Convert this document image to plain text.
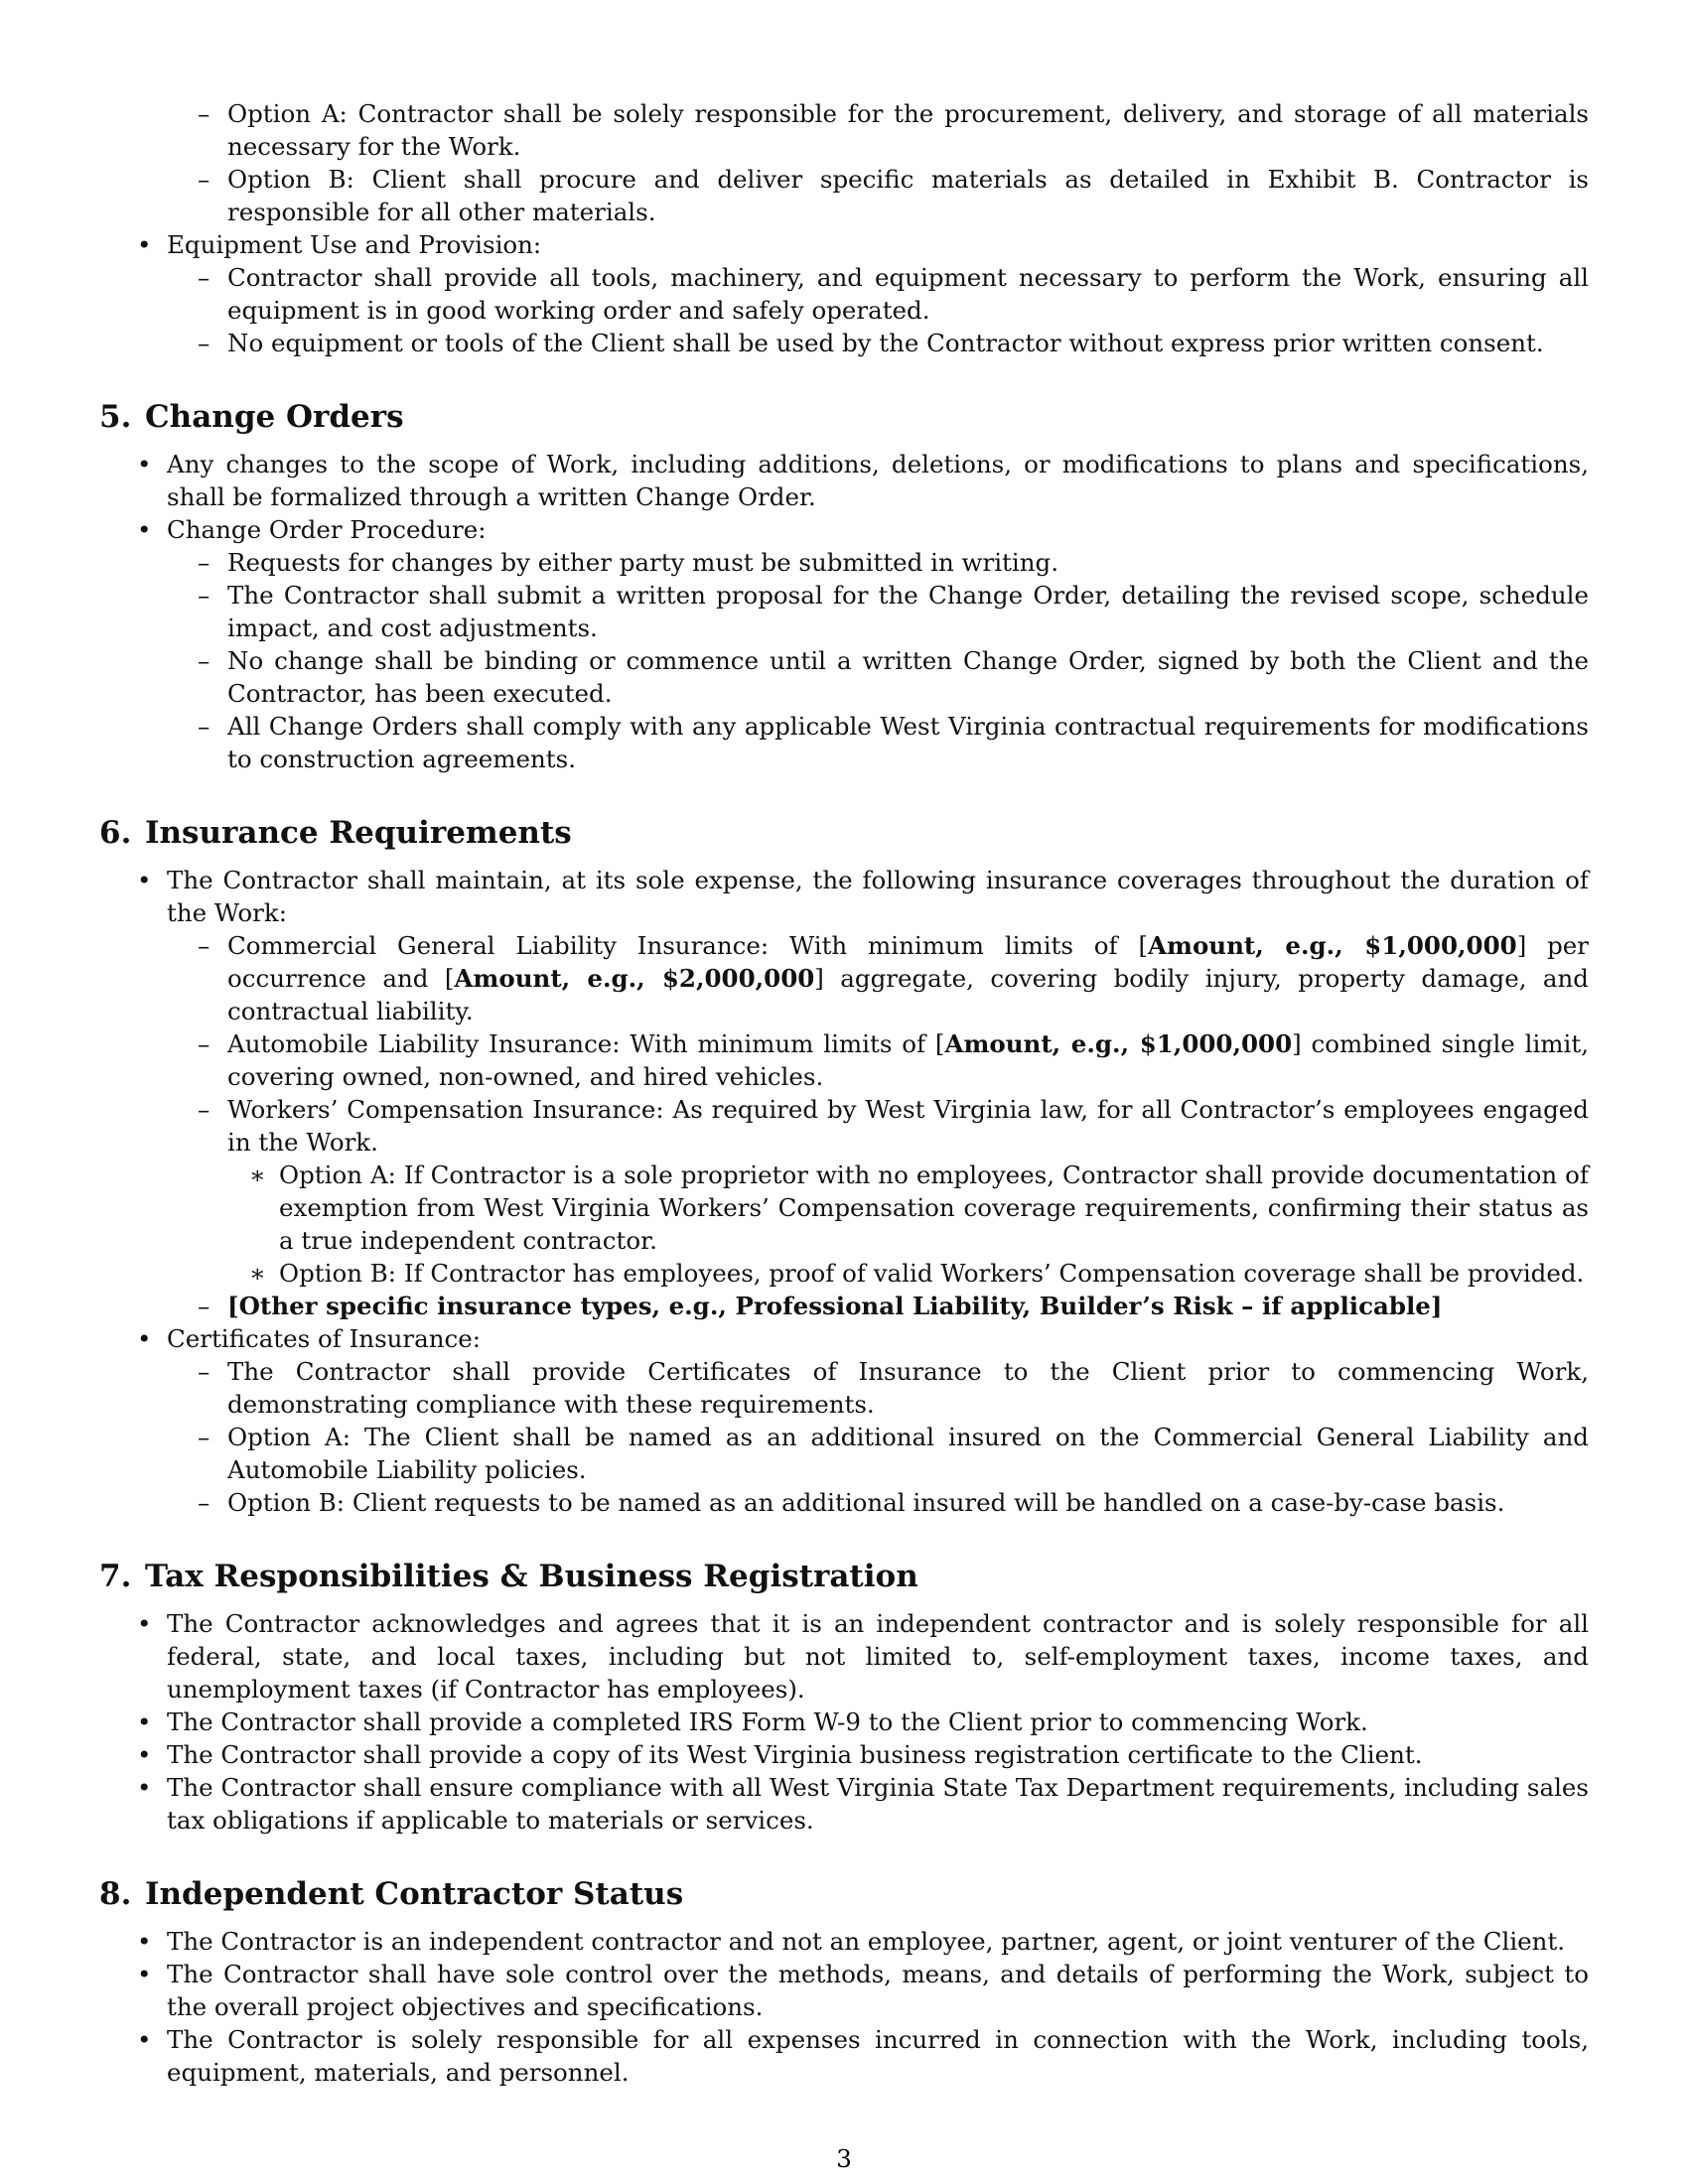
– Option A: Contractor shall be solely responsible for the procurement, delivery, and storage of all materials necessary for the Work.
– Option B: Client shall procure and deliver specific materials as detailed in Exhibit B. Contractor is responsible for all other materials.
• Equipment Use and Provision:
– Contractor shall provide all tools, machinery, and equipment necessary to perform the Work, ensuring all equipment is in good working order and safely operated.
– No equipment or tools of the Client shall be used by the Contractor without express prior written consent.
5. Change Orders
• Any changes to the scope of Work, including additions, deletions, or modifications to plans and specifications, shall be formalized through a written Change Order.
• Change Order Procedure:
– Requests for changes by either party must be submitted in writing.
– The Contractor shall submit a written proposal for the Change Order, detailing the revised scope, schedule impact, and cost adjustments.
– No change shall be binding or commence until a written Change Order, signed by both the Client and the Contractor, has been executed.
– All Change Orders shall comply with any applicable West Virginia contractual requirements for modifications to construction agreements.
6. Insurance Requirements
• The Contractor shall maintain, at its sole expense, the following insurance coverages throughout the duration of the Work:
– Commercial General Liability Insurance: With minimum limits of [Amount, e.g., $1,000,000] per occurrence and [Amount, e.g., $2,000,000] aggregate, covering bodily injury, property damage, and contractual liability.
– Automobile Liability Insurance: With minimum limits of [Amount, e.g., $1,000,000] combined single limit, covering owned, non-owned, and hired vehicles.
– Workers’ Compensation Insurance: As required by West Virginia law, for all Contractor’s employees engaged in the Work.
∗ Option A: If Contractor is a sole proprietor with no employees, Contractor shall provide documentation of exemption from West Virginia Workers’ Compensation coverage requirements, confirming their status as a true independent contractor.
∗ Option B: If Contractor has employees, proof of valid Workers’ Compensation coverage shall be provided.
– [Other specific insurance types, e.g., Professional Liability, Builder’s Risk – if applicable]
• Certificates of Insurance:
– The Contractor shall provide Certificates of Insurance to the Client prior to commencing Work, demonstrating compliance with these requirements.
– Option A: The Client shall be named as an additional insured on the Commercial General Liability and Automobile Liability policies.
– Option B: Client requests to be named as an additional insured will be handled on a case-by-case basis.
7. Tax Responsibilities & Business Registration
• The Contractor acknowledges and agrees that it is an independent contractor and is solely responsible for all federal, state, and local taxes, including but not limited to, self-employment taxes, income taxes, and unemployment taxes (if Contractor has employees).
• The Contractor shall provide a completed IRS Form W-9 to the Client prior to commencing Work.
• The Contractor shall provide a copy of its West Virginia business registration certificate to the Client.
• The Contractor shall ensure compliance with all West Virginia State Tax Department requirements, including sales tax obligations if applicable to materials or services.
8. Independent Contractor Status
• The Contractor is an independent contractor and not an employee, partner, agent, or joint venturer of the Client.
• The Contractor shall have sole control over the methods, means, and details of performing the Work, subject to the overall project objectives and specifications.
• The Contractor is solely responsible for all expenses incurred in connection with the Work, including tools, equipment, materials, and personnel.
3
